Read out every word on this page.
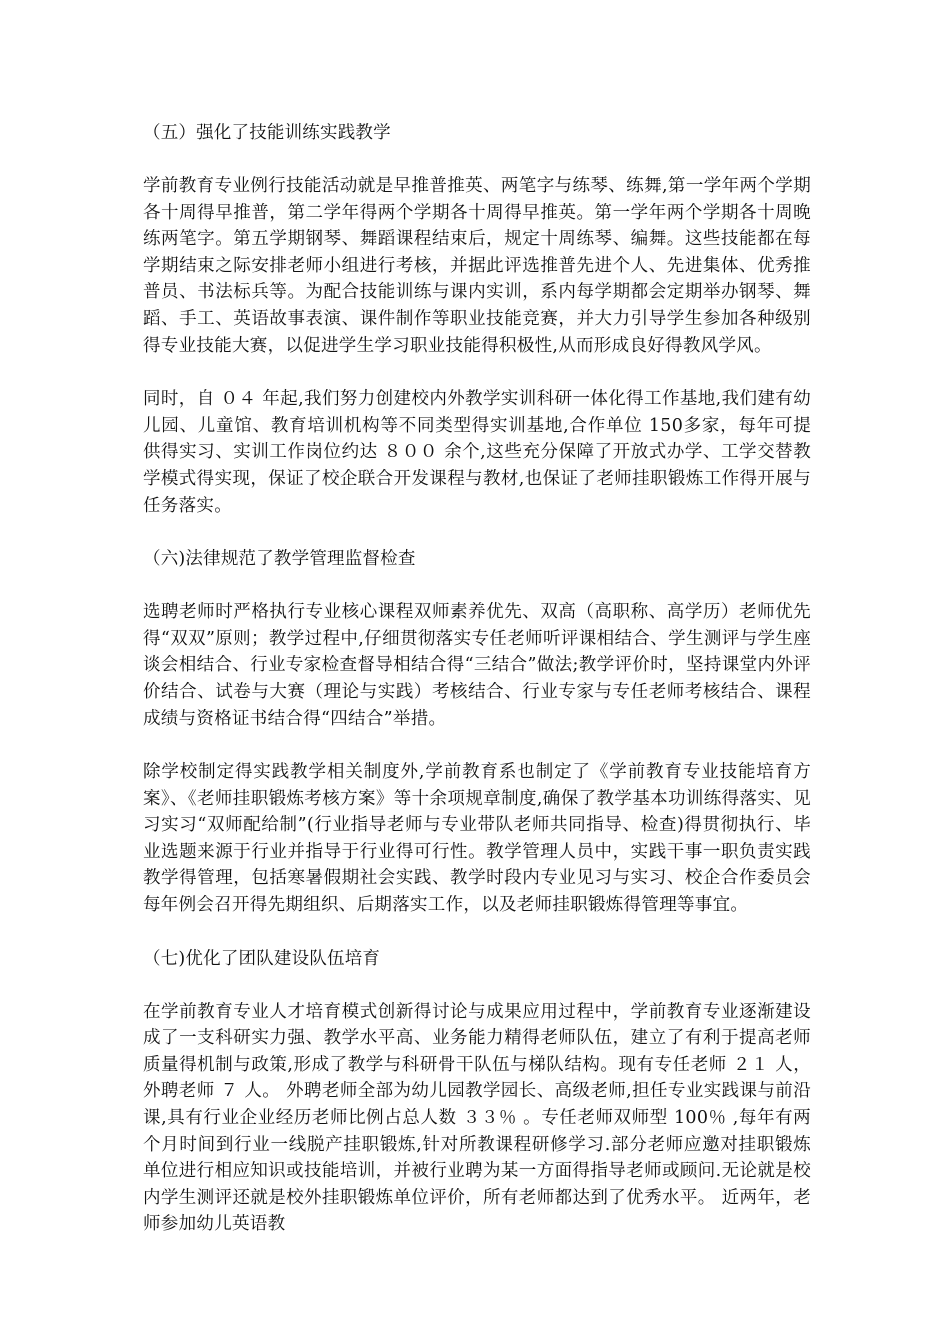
（五）强化了技能训练实践教学

学前教育专业例行技能活动就是早推普推英、两笔字与练琴、练舞,第一学年两个学期各十周得早推普，第二学年得两个学期各十周得早推英。第一学年两个学期各十周晚练两笔字。第五学期钢琴、舞蹈课程结束后，规定十周练琴、编舞。这些技能都在每学期结束之际安排老师小组进行考核，并据此评选推普先进个人、先进集体、优秀推普员、书法标兵等。为配合技能训练与课内实训，系内每学期都会定期举办钢琴、舞蹈、手工、英语故事表演、课件制作等职业技能竞赛，并大力引导学生参加各种级别得专业技能大赛，以促进学生学习职业技能得积极性,从而形成良好得教风学风。

同时，自 ０４ 年起,我们努力创建校内外教学实训科研一体化得工作基地,我们建有幼儿园、儿童馆、教育培训机构等不同类型得实训基地,合作单位 150多家，每年可提供得实习、实训工作岗位约达 ８００ 余个,这些充分保障了开放式办学、工学交替教学模式得实现，保证了校企联合开发课程与教材,也保证了老师挂职锻炼工作得开展与任务落实。

（六)法律规范了教学管理监督检查

选聘老师时严格执行专业核心课程双师素养优先、双高（高职称、高学历）老师优先得“双双”原则；教学过程中,仔细贯彻落实专任老师听评课相结合、学生测评与学生座谈会相结合、行业专家检查督导相结合得“三结合”做法;教学评价时，坚持课堂内外评价结合、试卷与大赛（理论与实践）考核结合、行业专家与专任老师考核结合、课程成绩与资格证书结合得“四结合”举措。

除学校制定得实践教学相关制度外,学前教育系也制定了《学前教育专业技能培育方案》、《老师挂职锻炼考核方案》等十余项规章制度,确保了教学基本功训练得落实、见习实习“双师配给制”(行业指导老师与专业带队老师共同指导、检查)得贯彻执行、毕业选题来源于行业并指导于行业得可行性。教学管理人员中，实践干事一职负责实践教学得管理，包括寒暑假期社会实践、教学时段内专业见习与实习、校企合作委员会每年例会召开得先期组织、后期落实工作，以及老师挂职锻炼得管理等事宜。

（七)优化了团队建设队伍培育

在学前教育专业人才培育模式创新得讨论与成果应用过程中，学前教育专业逐渐建设成了一支科研实力强、教学水平高、业务能力精得老师队伍，建立了有利于提高老师质量得机制与政策,形成了教学与科研骨干队伍与梯队结构。现有专任老师 ２１ 人，外聘老师 ７ 人。 外聘老师全部为幼儿园教学园长、高级老师,担任专业实践课与前沿课,具有行业企业经历老师比例占总人数 ３３％ 。专任老师双师型 100％ ,每年有两个月时间到行业一线脱产挂职锻炼,针对所教课程研修学习.部分老师应邀对挂职锻炼单位进行相应知识或技能培训，并被行业聘为某一方面得指导老师或顾问.无论就是校内学生测评还就是校外挂职锻炼单位评价，所有老师都达到了优秀水平。 近两年，老师参加幼儿英语教
